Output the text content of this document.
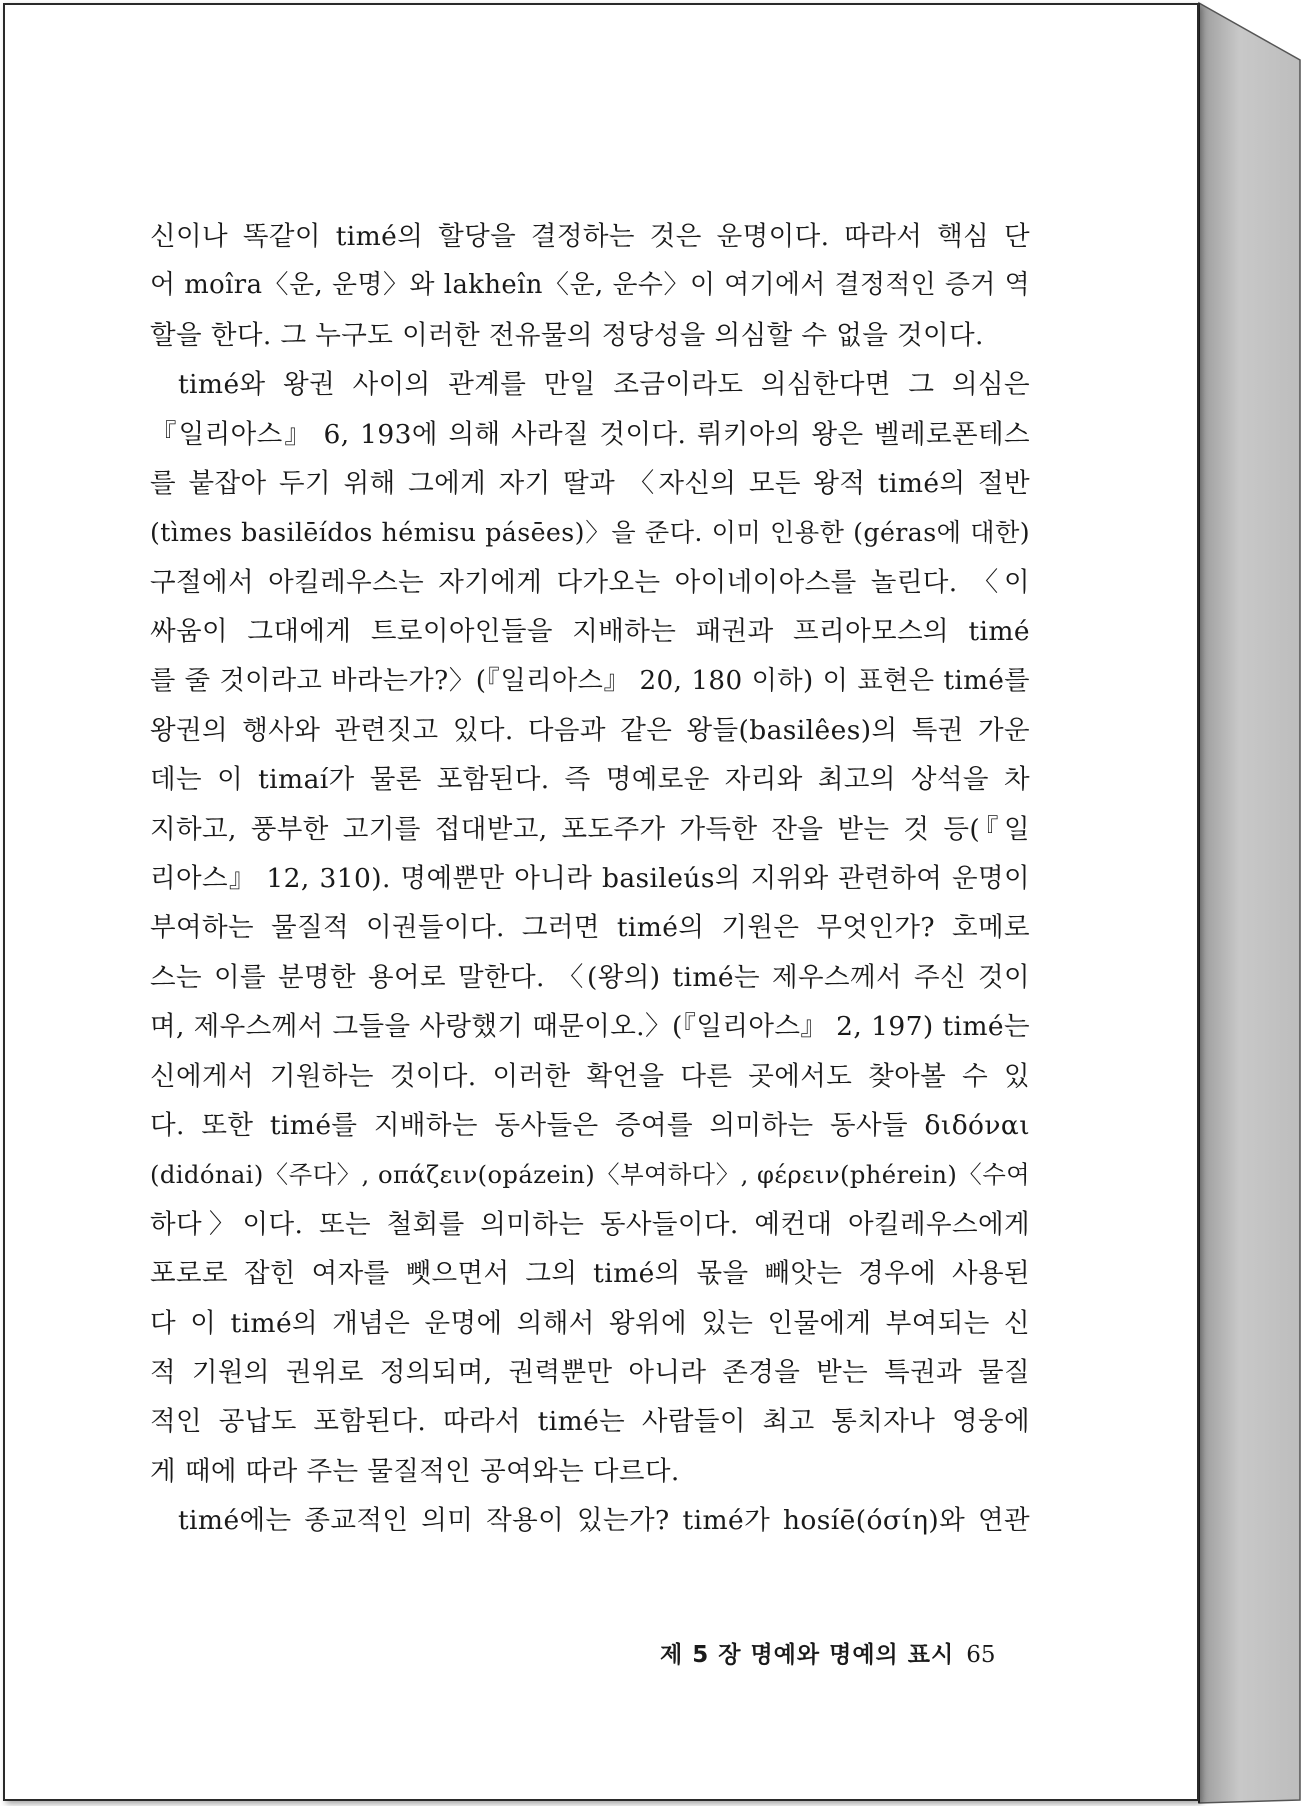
신이나 똑같이 timé의 할당을 결정하는 것은 운명이다. 따라서 핵심 단
어 moîra〈운, 운명〉와 lakheîn〈운, 운수〉이 여기에서 결정적인 증거 역
할을 한다. 그 누구도 이러한 전유물의 정당성을 의심할 수 없을 것이다.
timé와 왕권 사이의 관계를 만일 조금이라도 의심한다면 그 의심은
『일리아스』 6, 193에 의해 사라질 것이다. 뤼키아의 왕은 벨레로폰테스
를 붙잡아 두기 위해 그에게 자기 딸과 〈자신의 모든 왕적 timé의 절반
(tìmes basilēídos hémisu pásēes)〉을 준다. 이미 인용한 (géras에 대한)
구절에서 아킬레우스는 자기에게 다가오는 아이네이아스를 놀린다. 〈이
싸움이 그대에게 트로이아인들을 지배하는 패권과 프리아모스의 timé
를 줄 것이라고 바라는가?〉(『일리아스』 20, 180 이하) 이 표현은 timé를
왕권의 행사와 관련짓고 있다. 다음과 같은 왕들(basilêes)의 특권 가운
데는 이 timaí가 물론 포함된다. 즉 명예로운 자리와 최고의 상석을 차
지하고, 풍부한 고기를 접대받고, 포도주가 가득한 잔을 받는 것 등(『일
리아스』 12, 310). 명예뿐만 아니라 basileús의 지위와 관련하여 운명이
부여하는 물질적 이권들이다. 그러면 timé의 기원은 무엇인가? 호메로
스는 이를 분명한 용어로 말한다. 〈(왕의) timé는 제우스께서 주신 것이
며, 제우스께서 그들을 사랑했기 때문이오.〉(『일리아스』 2, 197) timé는
신에게서 기원하는 것이다. 이러한 확언을 다른 곳에서도 찾아볼 수 있
다. 또한 timé를 지배하는 동사들은 증여를 의미하는 동사들 διδόναι
(didónai)〈주다〉, οπάζειν(opázein)〈부여하다〉, φέρειν(phérein)〈수여
하다〉이다. 또는 철회를 의미하는 동사들이다. 예컨대 아킬레우스에게
포로로 잡힌 여자를 뺏으면서 그의 timé의 몫을 빼앗는 경우에 사용된
다 이 timé의 개념은 운명에 의해서 왕위에 있는 인물에게 부여되는 신
적 기원의 권위로 정의되며, 권력뿐만 아니라 존경을 받는 특권과 물질
적인 공납도 포함된다. 따라서 timé는 사람들이 최고 통치자나 영웅에
게 때에 따라 주는 물질적인 공여와는 다르다.
timé에는 종교적인 의미 작용이 있는가? timé가 hosíē(όσίη)와 연관
제 5 장 명예와 명예의 표시 65
